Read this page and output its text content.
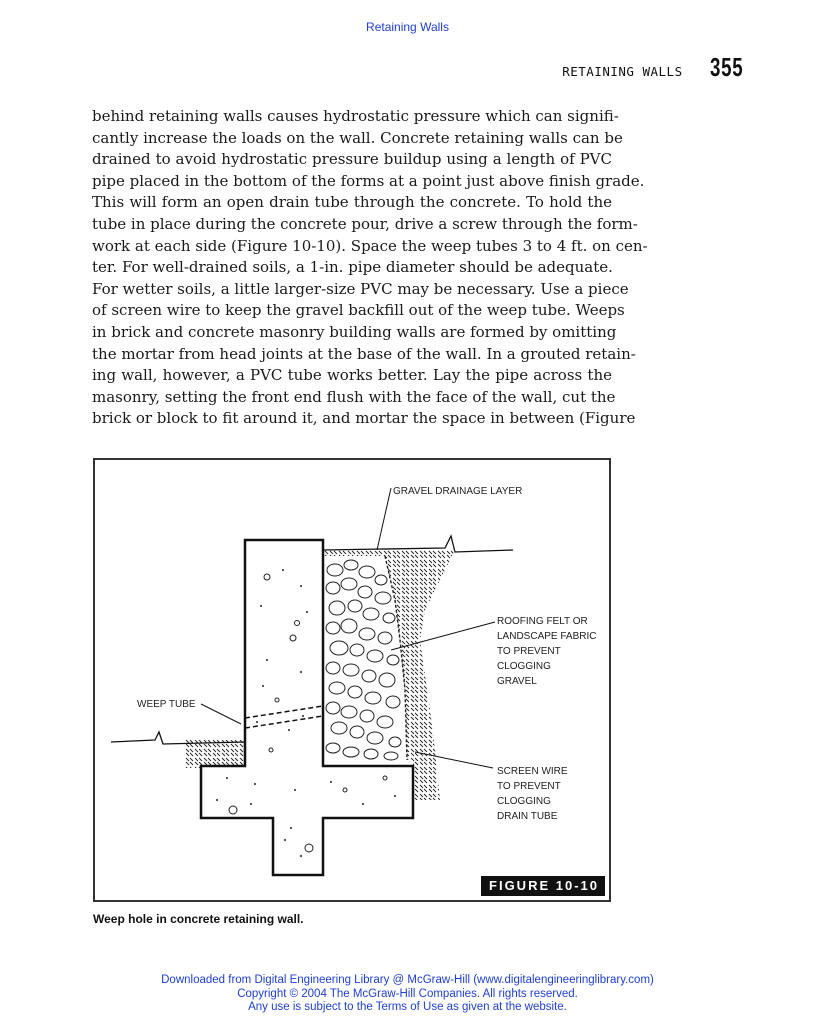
Retaining Walls
RETAINING WALLS 355
behind retaining walls causes hydrostatic pressure which can signifi-
cantly increase the loads on the wall. Concrete retaining walls can be
drained to avoid hydrostatic pressure buildup using a length of PVC
pipe placed in the bottom of the forms at a point just above finish grade.
This will form an open drain tube through the concrete. To hold the
tube in place during the concrete pour, drive a screw through the form-
work at each side (Figure 10-10). Space the weep tubes 3 to 4 ft. on cen-
ter. For well-drained soils, a 1-in. pipe diameter should be adequate.
For wetter soils, a little larger-size PVC may be necessary. Use a piece
of screen wire to keep the gravel backfill out of the weep tube. Weeps
in brick and concrete masonry building walls are formed by omitting
the mortar from head joints at the base of the wall. In a grouted retain-
ing wall, however, a PVC tube works better. Lay the pipe across the
masonry, setting the front end flush with the face of the wall, cut the
brick or block to fit around it, and mortar the space in between (Figure
GRAVEL DRAINAGE LAYER
ROOFING FELT OR
LANDSCAPE FABRIC
TO PREVENT
CLOGGING
GRAVEL
WEEP TUBE
SCREEN WIRE
TO PREVENT
CLOGGING
DRAIN TUBE
FIGURE 10-10
Weep hole in concrete retaining wall.
Downloaded from Digital Engineering Library @ McGraw-Hill (www.digitalengineeringlibrary.com)
Copyright © 2004 The McGraw-Hill Companies. All rights reserved.
Any use is subject to the Terms of Use as given at the website.
